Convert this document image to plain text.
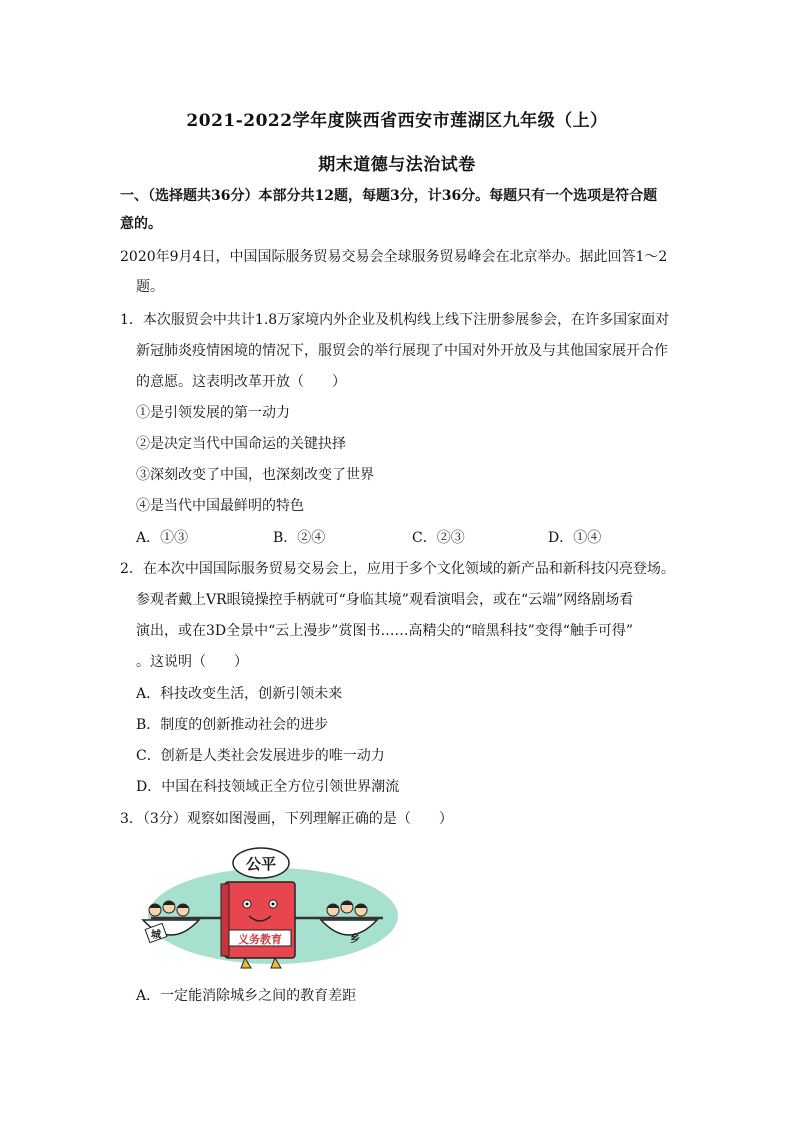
2021-2022学年度陕西省西安市莲湖区九年级（上）
期末道德与法治试卷
一、（选择题共36分）本部分共12题，每题3分，计36分。每题只有一个选项是符合题
意的。
2020年9月4日，中国国际服务贸易交易会全球服务贸易峰会在北京举办。据此回答1～2
题。
1．本次服贸会中共计1.8万家境内外企业及机构线上线下注册参展参会，在许多国家面对
新冠肺炎疫情困境的情况下，服贸会的举行展现了中国对外开放及与其他国家展开合作
的意愿。这表明改革开放（　　）
①是引领发展的第一动力
②是决定当代中国命运的关键抉择
③深刻改变了中国，也深刻改变了世界
④是当代中国最鲜明的特色
A．①③	B．②④	C．②③	D．①④
2．在本次中国国际服务贸易交易会上，应用于多个文化领域的新产品和新科技闪亮登场。
参观者戴上VR眼镜操控手柄就可“身临其境”观看演唱会，或在“云端”网络剧场看
演出，或在3D全景中“云上漫步”赏图书……高精尖的“暗黑科技”变得“触手可得”
。这说明（　　）
A．科技改变生活，创新引领未来
B．制度的创新推动社会的进步
C．创新是人类社会发展进步的唯一动力
D．中国在科技领域正全方位引领世界潮流
3．（3分）观察如图漫画，下列理解正确的是（　　）
公平
城	乡
义务教育
A．一定能消除城乡之间的教育差距
